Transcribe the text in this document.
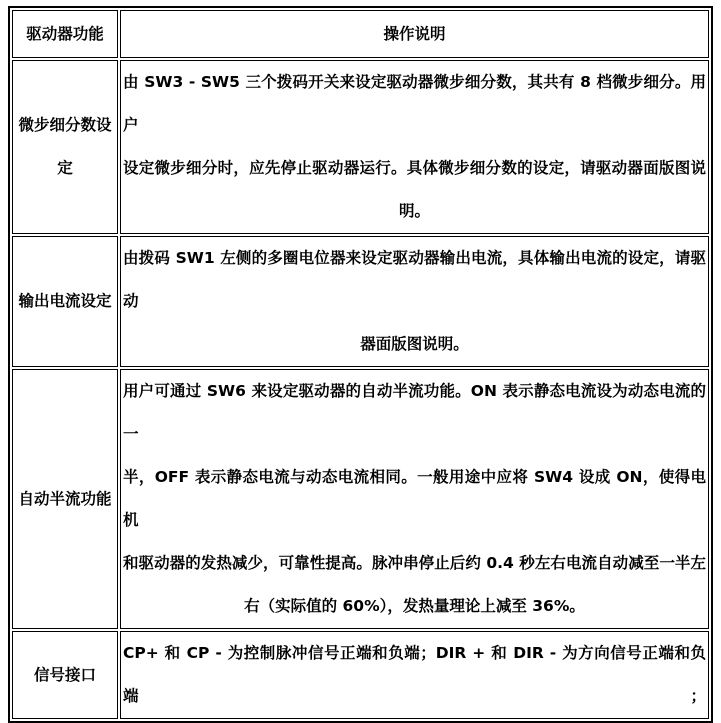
驱动器功能	操作说明
微步细分数设定	由 SW3 - SW5 三个拨码开关来设定驱动器微步细分数，其共有 8 档微步细分。用户
设定微步细分时，应先停止驱动器运行。具体微步细分数的设定，请驱动器面版图说
明。

输出电流设定	由拨码 SW1 左侧的多圈电位器来设定驱动器输出电流，具体输出电流的设定，请驱动
器面版图说明。

自动半流功能	用户可通过 SW6 来设定驱动器的自动半流功能。ON 表示静态电流设为动态电流的一
半，OFF 表示静态电流与动态电流相同。一般用途中应将 SW4 设成 ON，使得电机
和驱动器的发热减少，可靠性提高。脉冲串停止后约 0.4 秒左右电流自动减至一半左
右（实际值的 60%），发热量理论上减至 36%。

信号接口	CP+ 和 CP - 为控制脉冲信号正端和负端；DIR + 和 DIR - 为方向信号正端和负端；
